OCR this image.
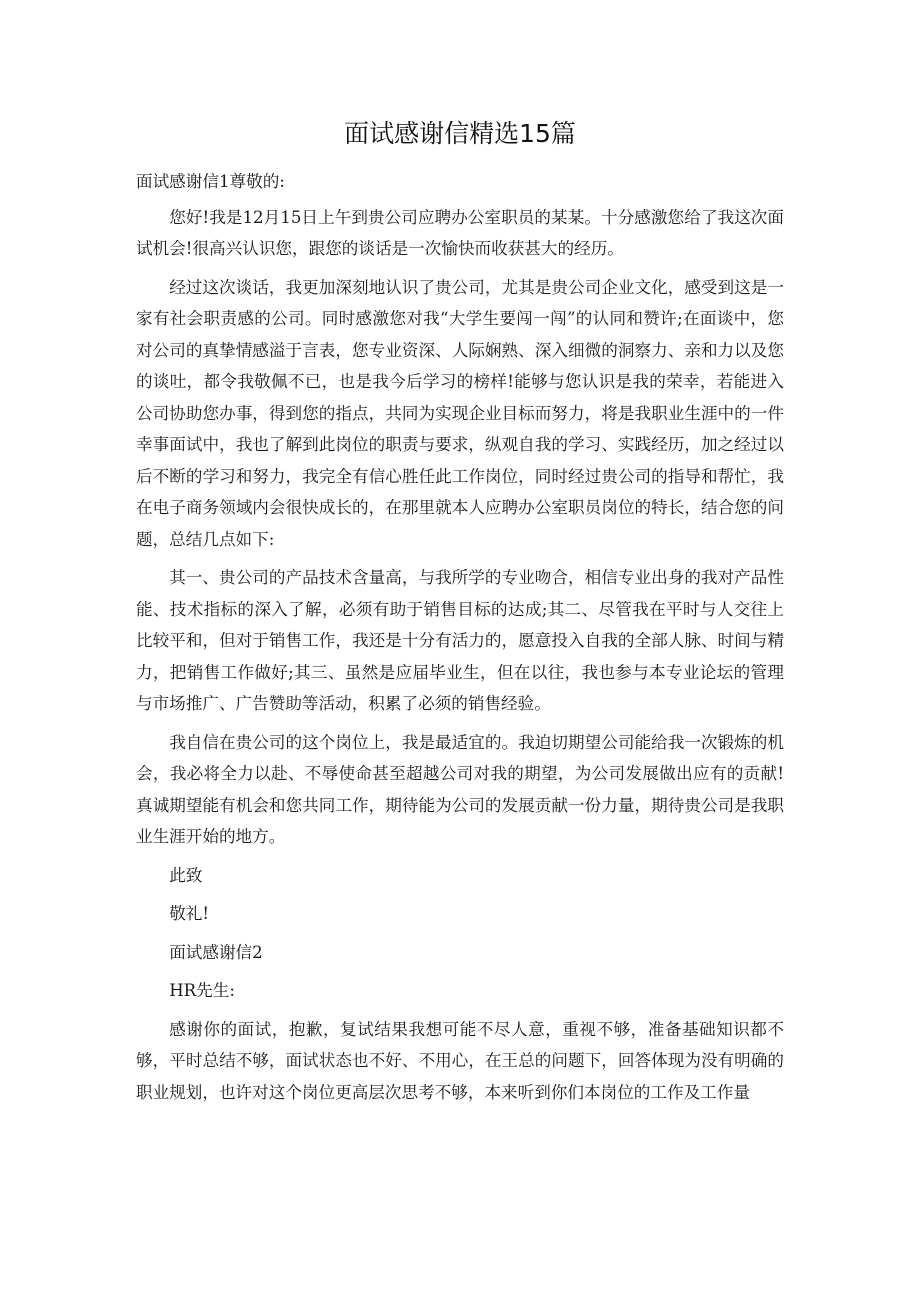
面试感谢信精选15篇

面试感谢信1尊敬的:

您好!我是12月15日上午到贵公司应聘办公室职员的某某。十分感激您给了我这次面试机会!很高兴认识您，跟您的谈话是一次愉快而收获甚大的经历。

经过这次谈话，我更加深刻地认识了贵公司，尤其是贵公司企业文化，感受到这是一家有社会职责感的公司。同时感激您对我“大学生要闯一闯”的认同和赞许;在面谈中，您对公司的真挚情感溢于言表，您专业资深、人际娴熟、深入细微的洞察力、亲和力以及您的谈吐，都令我敬佩不已，也是我今后学习的榜样!能够与您认识是我的荣幸，若能进入公司协助您办事，得到您的指点，共同为实现企业目标而努力，将是我职业生涯中的一件幸事面试中，我也了解到此岗位的职责与要求，纵观自我的学习、实践经历，加之经过以后不断的学习和努力，我完全有信心胜任此工作岗位，同时经过贵公司的指导和帮忙，我在电子商务领域内会很快成长的，在那里就本人应聘办公室职员岗位的特长，结合您的问题，总结几点如下:

其一、贵公司的产品技术含量高，与我所学的专业吻合，相信专业出身的我对产品性能、技术指标的深入了解，必须有助于销售目标的达成;其二、尽管我在平时与人交往上比较平和，但对于销售工作，我还是十分有活力的，愿意投入自我的全部人脉、时间与精力，把销售工作做好;其三、虽然是应届毕业生，但在以往，我也参与本专业论坛的管理与市场推广、广告赞助等活动，积累了必须的销售经验。

我自信在贵公司的这个岗位上，我是最适宜的。我迫切期望公司能给我一次锻炼的机会，我必将全力以赴、不辱使命甚至超越公司对我的期望，为公司发展做出应有的贡献!真诚期望能有机会和您共同工作，期待能为公司的发展贡献一份力量，期待贵公司是我职业生涯开始的地方。

此致

敬礼!

面试感谢信2

HR先生:

感谢你的面试，抱歉，复试结果我想可能不尽人意，重视不够，准备基础知识都不够，平时总结不够，面试状态也不好、不用心，在王总的问题下，回答体现为没有明确的职业规划，也许对这个岗位更高层次思考不够，本来听到你们本岗位的工作及工作量
